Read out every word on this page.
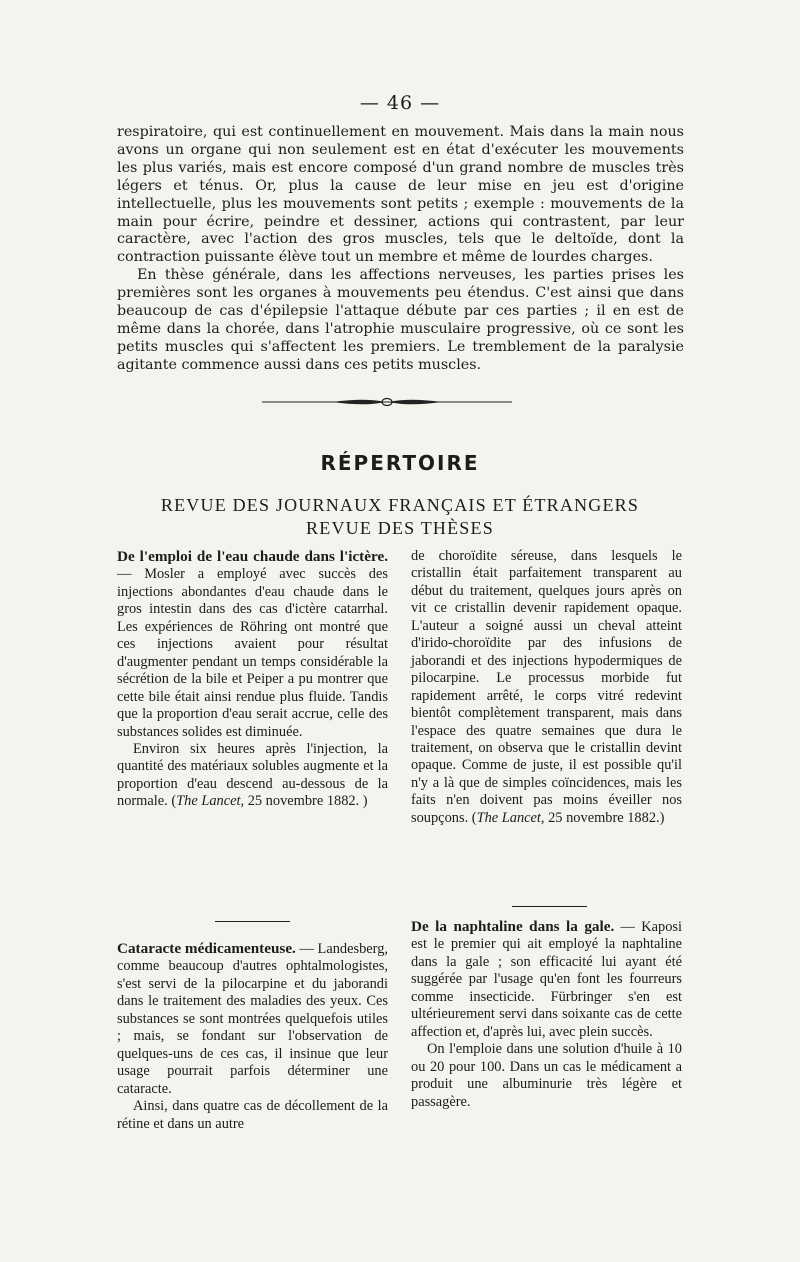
— 46 —

respiratoire, qui est continuellement en mouvement. Mais dans la main nous avons un organe qui non seulement est en état d'exécuter les mouvements les plus variés, mais est encore composé d'un grand nombre de muscles très légers et ténus. Or, plus la cause de leur mise en jeu est d'origine intellectuelle, plus les mouvements sont petits ; exemple : mouvements de la main pour écrire, peindre et dessiner, actions qui contrastent, par leur caractère, avec l'action des gros muscles, tels que le deltoïde, dont la contraction puissante élève tout un membre et même de lourdes charges.

En thèse générale, dans les affections nerveuses, les parties prises les premières sont les organes à mouvements peu étendus. C'est ainsi que dans beaucoup de cas d'épilepsie l'attaque débute par ces parties ; il en est de même dans la chorée, dans l'atrophie musculaire progressive, où ce sont les petits muscles qui s'affectent les premiers. Le tremblement de la paralysie agitante commence aussi dans ces petits muscles.

RÉPERTOIRE
REVUE DES JOURNAUX FRANÇAIS ET ÉTRANGERS
REVUE DES THÈSES

De l'emploi de l'eau chaude dans l'ictère. — Mosler a employé avec succès des injections abondantes d'eau chaude dans le gros intestin dans des cas d'ictère catarrhal. Les expériences de Röhring ont montré que ces injections avaient pour résultat d'augmenter pendant un temps considérable la sécrétion de la bile et Peiper a pu montrer que cette bile était ainsi rendue plus fluide. Tandis que la proportion d'eau serait accrue, celle des substances solides est diminuée.

Environ six heures après l'injection, la quantité des matériaux solubles augmente et la proportion d'eau descend au-dessous de la normale. (The Lancet, 25 novembre 1882. )

Cataracte médicamenteuse. — Landesberg, comme beaucoup d'autres ophtalmologistes, s'est servi de la pilocarpine et du jaborandi dans le traitement des maladies des yeux. Ces substances se sont montrées quelquefois utiles ; mais, se fondant sur l'observation de quelques-uns de ces cas, il insinue que leur usage pourrait parfois déterminer une cataracte.

Ainsi, dans quatre cas de décollement de la rétine et dans un autre

de choroïdite séreuse, dans lesquels le cristallin était parfaitement transparent au début du traitement, quelques jours après on vit ce cristallin devenir rapidement opaque. L'auteur a soigné aussi un cheval atteint d'irido-choroïdite par des infusions de jaborandi et des injections hypodermiques de pilocarpine. Le processus morbide fut rapidement arrêté, le corps vitré redevint bientôt complètement transparent, mais dans l'espace des quatre semaines que dura le traitement, on observa que le cristallin devint opaque. Comme de juste, il est possible qu'il n'y a là que de simples coïncidences, mais les faits n'en doivent pas moins éveiller nos soupçons. (The Lancet, 25 novembre 1882.)

De la naphtaline dans la gale. — Kaposi est le premier qui ait employé la naphtaline dans la gale ; son efficacité lui ayant été suggérée par l'usage qu'en font les fourreurs comme insecticide. Fürbringer s'en est ultérieurement servi dans soixante cas de cette affection et, d'après lui, avec plein succès.

On l'emploie dans une solution d'huile à 10 ou 20 pour 100. Dans un cas le médicament a produit une albuminurie très légère et passagère.
